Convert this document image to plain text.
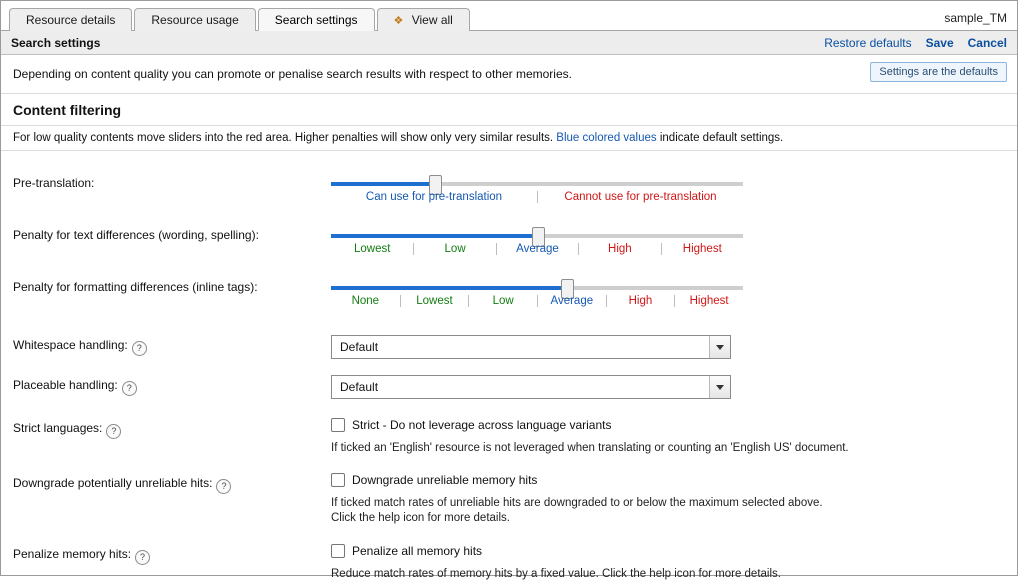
Resource details	Resource usage	Search settings	❖ View all	sample_TM
Search settings	Restore defaults Save Cancel
Depending on content quality you can promote or penalise search results with respect to other memories.	Settings are the defaults
Content filtering
For low quality contents move sliders into the red area. Higher penalties will show only very similar results. Blue colored values indicate default settings.
Pre-translation:
Can use for pre-translation	Cannot use for pre-translation
Penalty for text differences (wording, spelling):
Lowest	Low	Average	High	Highest
Penalty for formatting differences (inline tags):
None	Lowest	Low	Average	High	Highest
Whitespace handling: ?	Default
Placeable handling: ?	Default
Strict languages: ?	Strict - Do not leverage across language variants
If ticked an 'English' resource is not leveraged when translating or counting an 'English US' document.
Downgrade potentially unreliable hits: ?	Downgrade unreliable memory hits
If ticked match rates of unreliable hits are downgraded to or below the maximum selected above. Click the help icon for more details.
Penalize memory hits: ?	Penalize all memory hits
Reduce match rates of memory hits by a fixed value. Click the help icon for more details.
